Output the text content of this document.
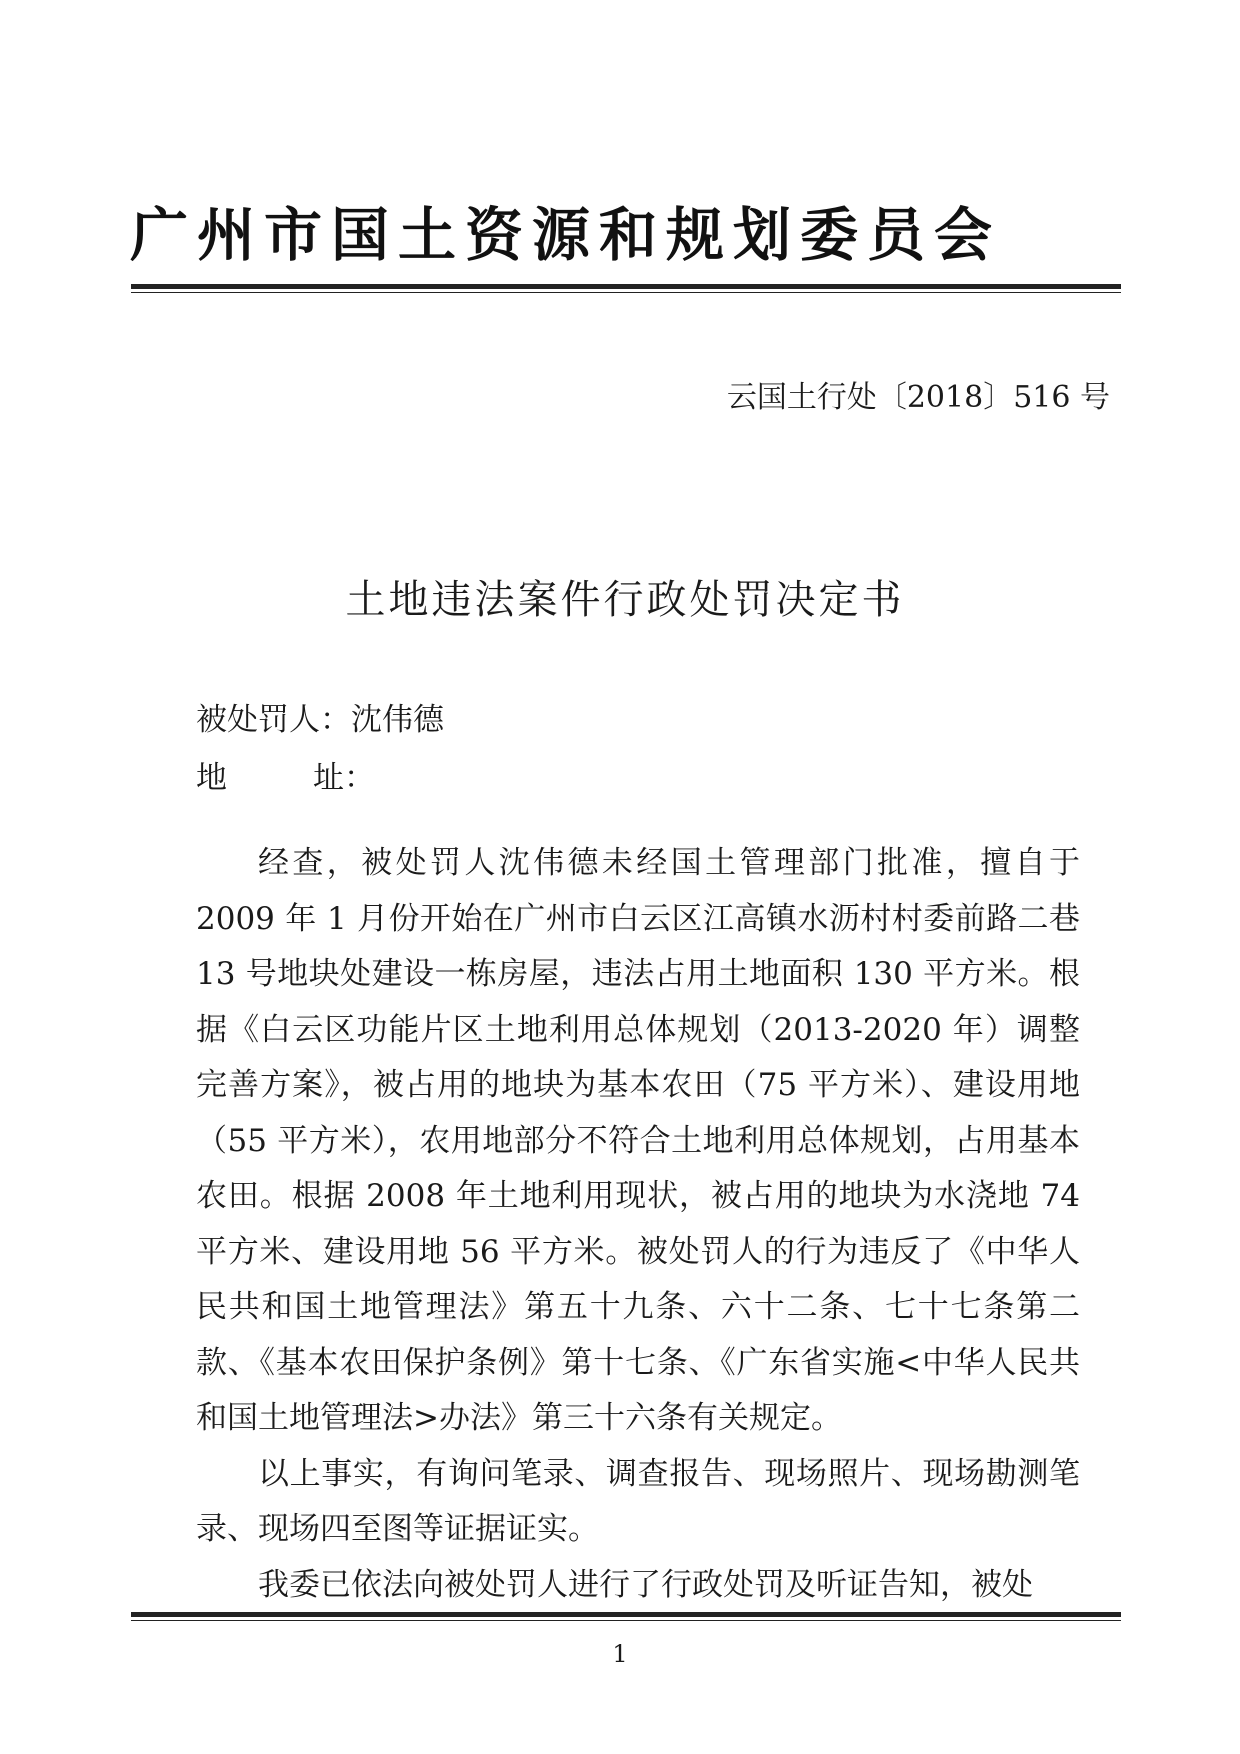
广州市国土资源和规划委员会
云国土行处〔2018〕516 号
土地违法案件行政处罚决定书
被处罚人：沈伟德
地	址：

经查，被处罚人沈伟德未经国土管理部门批准，擅自于2009 年 1 月份开始在广州市白云区江高镇水沥村村委前路二巷 13 号地块处建设一栋房屋，违法占用土地面积 130 平方米。根据《白云区功能片区土地利用总体规划（2013-2020 年）调整完善方案》，被占用的地块为基本农田（75 平方米）、建设用地（55 平方米），农用地部分不符合土地利用总体规划，占用基本农田。根据 2008 年土地利用现状，被占用的地块为水浇地 74 平方米、建设用地 56 平方米。被处罚人的行为违反了《中华人民共和国土地管理法》第五十九条、六十二条、七十七条第二款、《基本农田保护条例》第十七条、《广东省实施<中华人民共和国土地管理法>办法》第三十六条有关规定。

以上事实，有询问笔录、调查报告、现场照片、现场勘测笔录、现场四至图等证据证实。

我委已依法向被处罚人进行了行政处罚及听证告知，被处

1
